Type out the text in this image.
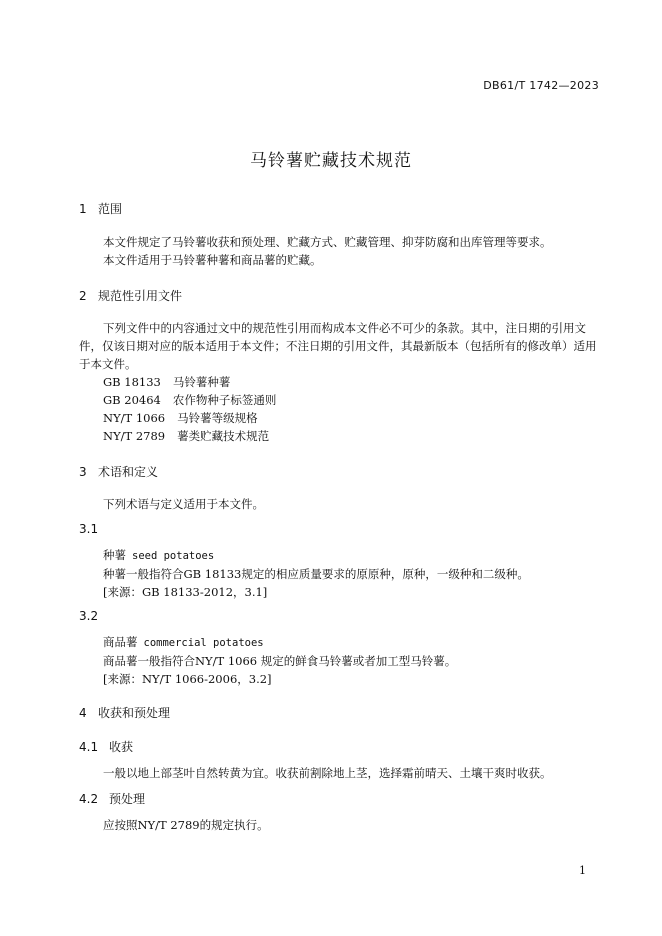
DB61/T 1742—2023
马铃薯贮藏技术规范
1 范围
本文件规定了马铃薯收获和预处理、贮藏方式、贮藏管理、抑芽防腐和出库管理等要求。
本文件适用于马铃薯种薯和商品薯的贮藏。
2 规范性引用文件
下列文件中的内容通过文中的规范性引用而构成本文件必不可少的条款。其中，注日期的引用文件，仅该日期对应的版本适用于本文件；不注日期的引用文件，其最新版本（包括所有的修改单）适用于本文件。
GB 18133 马铃薯种薯
GB 20464 农作物种子标签通则
NY/T 1066 马铃薯等级规格
NY/T 2789 薯类贮藏技术规范
3 术语和定义
下列术语与定义适用于本文件。
3.1
种薯 seed potatoes
种薯一般指符合GB 18133规定的相应质量要求的原原种，原种，一级种和二级种。
[来源：GB 18133-2012，3.1]
3.2
商品薯 commercial potatoes
商品薯一般指符合NY/T 1066 规定的鲜食马铃薯或者加工型马铃薯。
[来源：NY/T 1066-2006，3.2]
4 收获和预处理
4.1 收获
一般以地上部茎叶自然转黄为宜。收获前割除地上茎，选择霜前晴天、土壤干爽时收获。
4.2 预处理
应按照NY/T 2789的规定执行。
1
